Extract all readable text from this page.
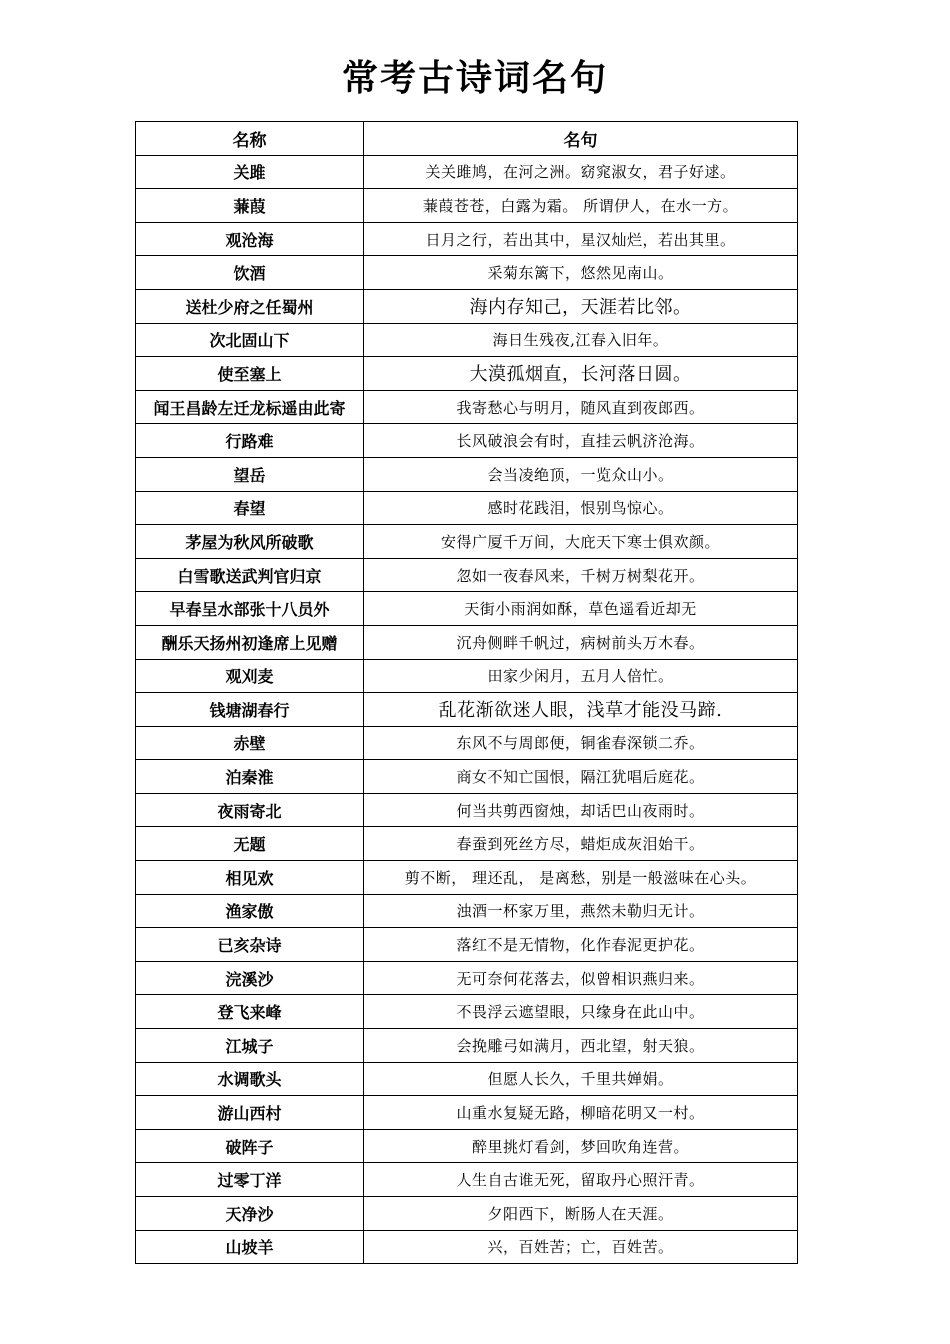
常考古诗词名句
名称	名句
关雎	关关雎鸠，在河之洲。窈窕淑女，君子好逑。
蒹葭	蒹葭苍苍，白露为霜。 所谓伊人，在水一方。
观沧海	日月之行，若出其中，星汉灿烂，若出其里。
饮酒	采菊东篱下，悠然见南山。
送杜少府之任蜀州	海内存知己，天涯若比邻。
次北固山下	海日生残夜,江春入旧年。
使至塞上	大漠孤烟直，长河落日圆。
闻王昌龄左迁龙标遥由此寄	我寄愁心与明月，随风直到夜郎西。
行路难	长风破浪会有时，直挂云帆济沧海。
望岳	会当凌绝顶，一览众山小。
春望	感时花践泪，恨别鸟惊心。
茅屋为秋风所破歌	安得广厦千万间，大庇天下寒士俱欢颜。
白雪歌送武判官归京	忽如一夜春风来，千树万树梨花开。
早春呈水部张十八员外	天街小雨润如酥，草色遥看近却无
酬乐天扬州初逢席上见赠	沉舟侧畔千帆过，病树前头万木春。
观刈麦	田家少闲月，五月人倍忙。
钱塘湖春行	乱花渐欲迷人眼，浅草才能没马蹄.
赤壁	东风不与周郎便，铜雀春深锁二乔。
泊秦淮	商女不知亡国恨，隔江犹唱后庭花。
夜雨寄北	何当共剪西窗烛，却话巴山夜雨时。
无题	春蚕到死丝方尽，蜡炬成灰泪始干。
相见欢	剪不断， 理还乱， 是离愁，别是一般滋味在心头。
渔家傲	浊酒一杯家万里，燕然未勒归无计。
已亥杂诗	落红不是无情物，化作春泥更护花。
浣溪沙	无可奈何花落去，似曾相识燕归来。
登飞来峰	不畏浮云遮望眼，只缘身在此山中。
江城子	会挽雕弓如满月，西北望，射天狼。
水调歌头	但愿人长久，千里共婵娟。
游山西村	山重水复疑无路，柳暗花明又一村。
破阵子	醉里挑灯看剑，梦回吹角连营。
过零丁洋	人生自古谁无死，留取丹心照汗青。
天净沙	夕阳西下，断肠人在天涯。
山坡羊	兴，百姓苦；亡，百姓苦。
